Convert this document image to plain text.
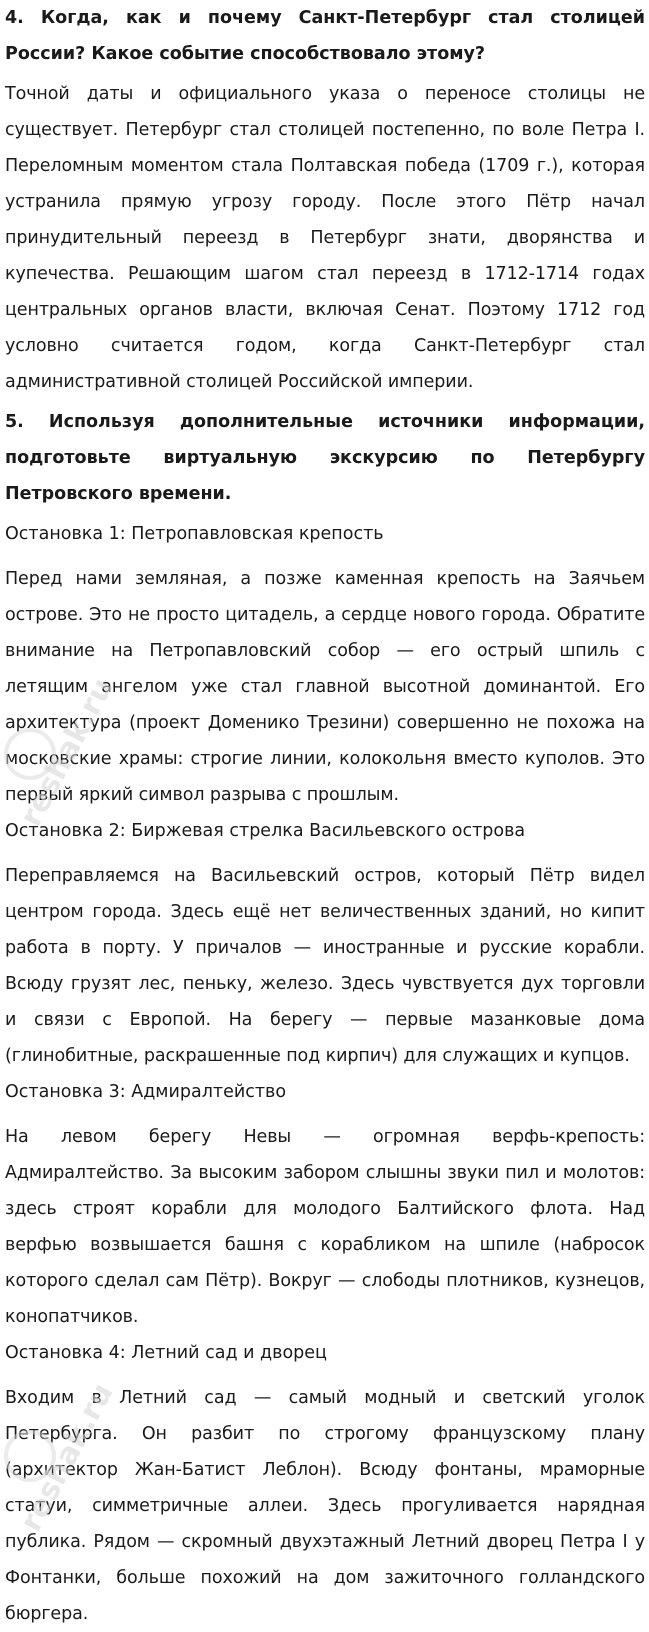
4. Когда, как и почему Санкт-Петербург стал столицей России? Какое событие способствовало этому?

Точной даты и официального указа о переносе столицы не существует. Петербург стал столицей постепенно, по воле Петра I. Переломным моментом стала Полтавская победа (1709 г.), которая устранила прямую угрозу городу. После этого Пётр начал принудительный переезд в Петербург знати, дворянства и купечества. Решающим шагом стал переезд в 1712-1714 годах центральных органов власти, включая Сенат. Поэтому 1712 год условно считается годом, когда Санкт-Петербург стал административной столицей Российской империи.

5. Используя дополнительные источники информации, подготовьте виртуальную экскурсию по Петербургу Петровского времени.

Остановка 1: Петропавловская крепость

Перед нами земляная, а позже каменная крепость на Заячьем острове. Это не просто цитадель, а сердце нового города. Обратите внимание на Петропавловский собор — его острый шпиль с летящим ангелом уже стал главной высотной доминантой. Его архитектура (проект Доменико Трезини) совершенно не похожа на московские храмы: строгие линии, колокольня вместо куполов. Это первый яркий символ разрыва с прошлым.

Остановка 2: Биржевая стрелка Васильевского острова

Переправляемся на Васильевский остров, который Пётр видел центром города. Здесь ещё нет величественных зданий, но кипит работа в порту. У причалов — иностранные и русские корабли. Всюду грузят лес, пеньку, железо. Здесь чувствуется дух торговли и связи с Европой. На берегу — первые мазанковые дома (глинобитные, раскрашенные под кирпич) для служащих и купцов.

Остановка 3: Адмиралтейство

На левом берегу Невы — огромная верфь-крепость: Адмиралтейство. За высоким забором слышны звуки пил и молотов: здесь строят корабли для молодого Балтийского флота. Над верфью возвышается башня с корабликом на шпиле (набросок которого сделал сам Пётр). Вокруг — слободы плотников, кузнецов, конопатчиков.

Остановка 4: Летний сад и дворец

Входим в Летний сад — самый модный и светский уголок Петербурга. Он разбит по строгому французскому плану (архитектор Жан-Батист Леблон). Всюду фонтаны, мраморные статуи, симметричные аллеи. Здесь прогуливается нарядная публика. Рядом — скромный двухэтажный Летний дворец Петра I у Фонтанки, больше похожий на дом зажиточного голландского бюргера.

reshak.ru
reshak.ru
